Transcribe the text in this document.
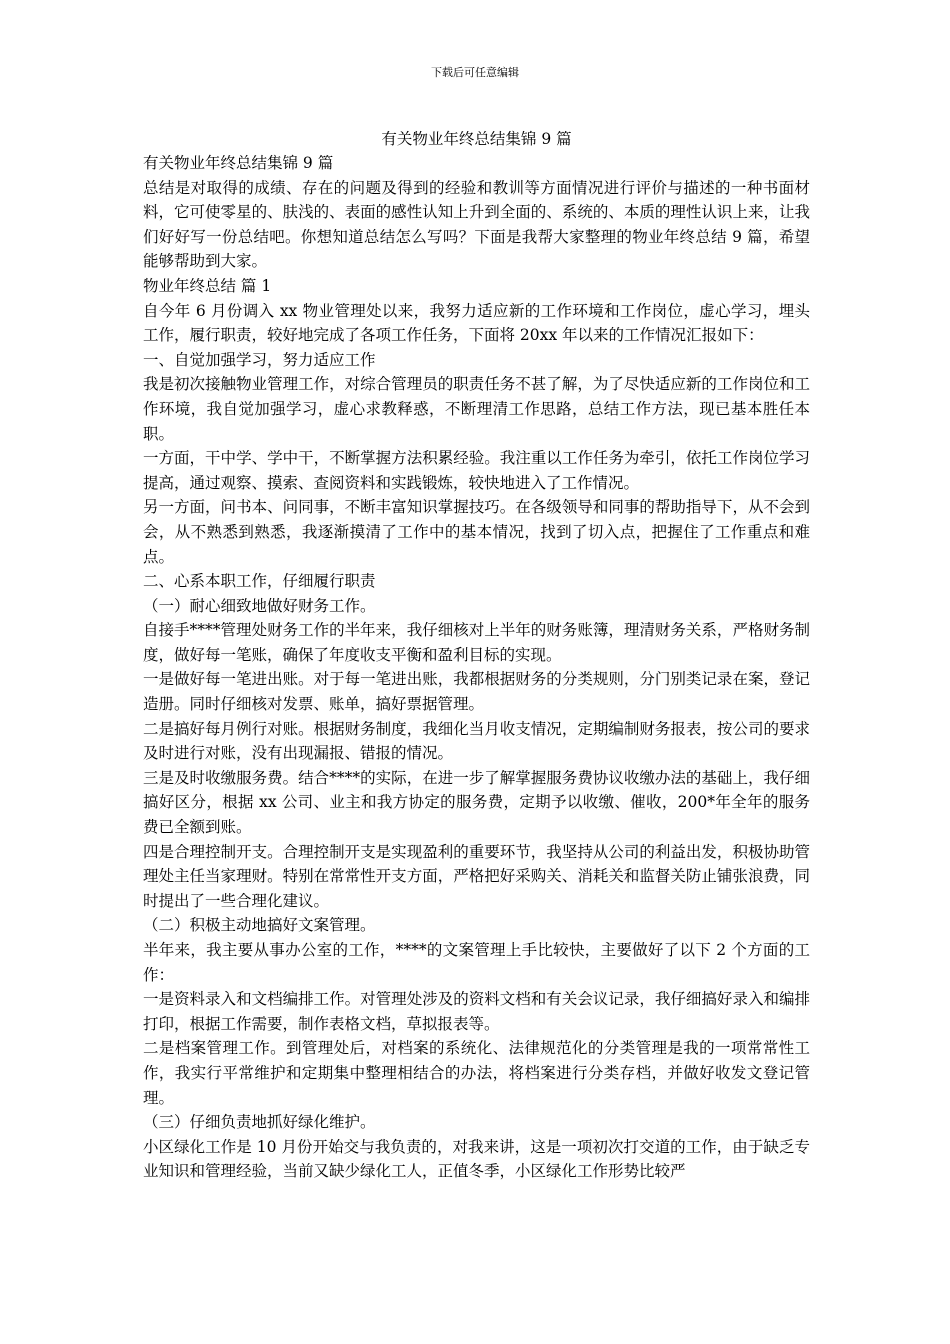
下载后可任意编辑
有关物业年终总结集锦 9 篇

有关物业年终总结集锦 9 篇

总结是对取得的成绩、存在的问题及得到的经验和教训等方面情况进行评价与描述的一种书面材料，它可使零星的、肤浅的、表面的感性认知上升到全面的、系统的、本质的理性认识上来，让我们好好写一份总结吧。你想知道总结怎么写吗？下面是我帮大家整理的物业年终总结 9 篇，希望能够帮助到大家。

物业年终总结 篇 1

自今年 6 月份调入 xx 物业管理处以来，我努力适应新的工作环境和工作岗位，虚心学习，埋头工作，履行职责，较好地完成了各项工作任务，下面将 20xx 年以来的工作情况汇报如下：

一、自觉加强学习，努力适应工作

我是初次接触物业管理工作，对综合管理员的职责任务不甚了解，为了尽快适应新的工作岗位和工作环境，我自觉加强学习，虚心求教释惑，不断理清工作思路，总结工作方法，现已基本胜任本职。

一方面，干中学、学中干，不断掌握方法积累经验。我注重以工作任务为牵引，依托工作岗位学习提高，通过观察、摸索、查阅资料和实践锻炼，较快地进入了工作情况。

另一方面，问书本、问同事，不断丰富知识掌握技巧。在各级领导和同事的帮助指导下，从不会到会，从不熟悉到熟悉，我逐渐摸清了工作中的基本情况，找到了切入点，把握住了工作重点和难点。

二、心系本职工作，仔细履行职责

（一）耐心细致地做好财务工作。

自接手****管理处财务工作的半年来，我仔细核对上半年的财务账簿，理清财务关系，严格财务制度，做好每一笔账，确保了年度收支平衡和盈利目标的实现。

一是做好每一笔进出账。对于每一笔进出账，我都根据财务的分类规则，分门别类记录在案，登记造册。同时仔细核对发票、账单，搞好票据管理。

二是搞好每月例行对账。根据财务制度，我细化当月收支情况，定期编制财务报表，按公司的要求及时进行对账，没有出现漏报、错报的情况。

三是及时收缴服务费。结合****的实际，在进一步了解掌握服务费协议收缴办法的基础上，我仔细搞好区分，根据 xx 公司、业主和我方协定的服务费，定期予以收缴、催收，200*年全年的服务费已全额到账。

四是合理控制开支。合理控制开支是实现盈利的重要环节，我坚持从公司的利益出发，积极协助管理处主任当家理财。特别在常常性开支方面，严格把好采购关、消耗关和监督关防止铺张浪费，同时提出了一些合理化建议。

（二）积极主动地搞好文案管理。

半年来，我主要从事办公室的工作，****的文案管理上手比较快，主要做好了以下 2 个方面的工作：

一是资料录入和文档编排工作。对管理处涉及的资料文档和有关会议记录，我仔细搞好录入和编排打印，根据工作需要，制作表格文档，草拟报表等。

二是档案管理工作。到管理处后，对档案的系统化、法律规范化的分类管理是我的一项常常性工作，我实行平常维护和定期集中整理相结合的办法，将档案进行分类存档，并做好收发文登记管理。

（三）仔细负责地抓好绿化维护。

小区绿化工作是 10 月份开始交与我负责的，对我来讲，这是一项初次打交道的工作，由于缺乏专业知识和管理经验，当前又缺少绿化工人，正值冬季，小区绿化工作形势比较严
